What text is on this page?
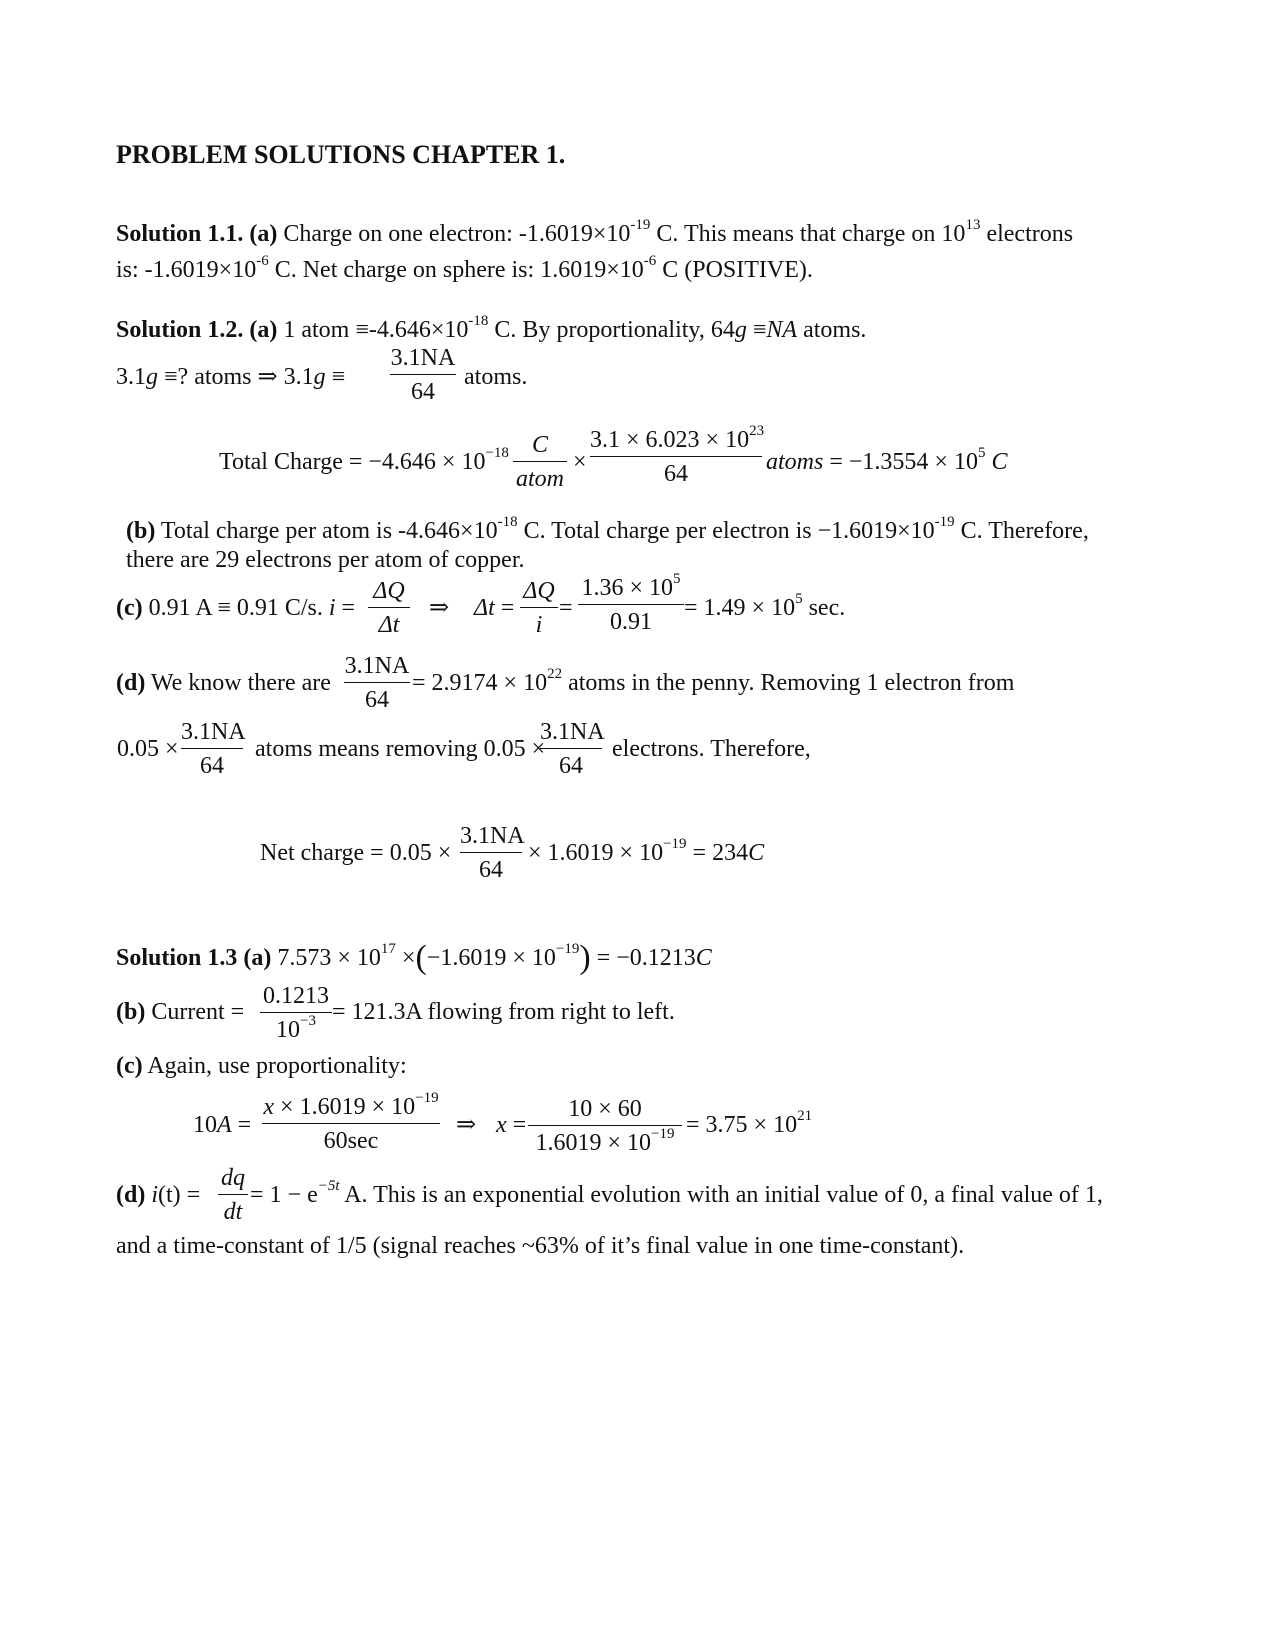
PROBLEM SOLUTIONS CHAPTER 1.
Solution 1.1. (a) Charge on one electron: $-1.6019\times 10^{-19}$ C. This means that charge on $10^{13}$ electrons
is: $-1.6019\times 10^{-6}$ C. Net charge on sphere is: $1.6019\times 10^{-6}$ C (POSITIVE).
Solution 1.2. (a) 1 atom $\equiv-4.646\times 10^{-18}$ C. By proportionality, 64g ≡NA atoms.
3.1g ≡? atoms ⇒ 3.1g ≡
3.1NA
64
atoms.
Total Charge = $-4.646 \times 10^{-18}$ C
atom
×
$3.1 \times 6.023 \times 10^{23}$
64	atoms = $-1.3554 \times 10^5$ C
(b) Total charge per atom is $-4.646\times 10^{-18}$ C. Total charge per electron is $-1.6019\times 10^{-19}$ C. Therefore,
there are 29 electrons per atom of copper.
(c) 0.91 A ≡ 0.91 C/s. i =
ΔQ
Δt
⇒ Δt =
ΔQ
i
=
$1.36 \times 10^5$
0.91
= $1.49 \times 10^5$ sec.
(d) We know there are
3.1NA
64
= $2.9174 \times 10^{22}$ atoms in the penny. Removing 1 electron from
0.05 ×
3.1NA
64
atoms means removing 0.05 ×
3.1NA
64
electrons. Therefore,
Net charge = 0.05 ×
3.1NA
64
× $1.6019 \times 10^{-19} = 234C$
Solution 1.3 (a) $7.573 \times 10^{17} \times(-1.6019 \times 10^{-19}) = -0.1213C$
(b) Current =
0.1213
$10^{-3} = 121.3A$ flowing from right to left.
(c) Again, use proportionality:
10A =
$x \times 1.6019 \times 10^{-19}$
60sec
⇒ x =
10 × 60
$1.6019 \times 10^{-19} = 3.75 \times 10^{21}$
(d) i(t) =
dq
dt
= $1 - e^{-5t}$ A. This is an exponential evolution with an initial value of 0, a final value of 1,
and a time-constant of 1/5 (signal reaches ~63% of it’s final value in one time-constant).
